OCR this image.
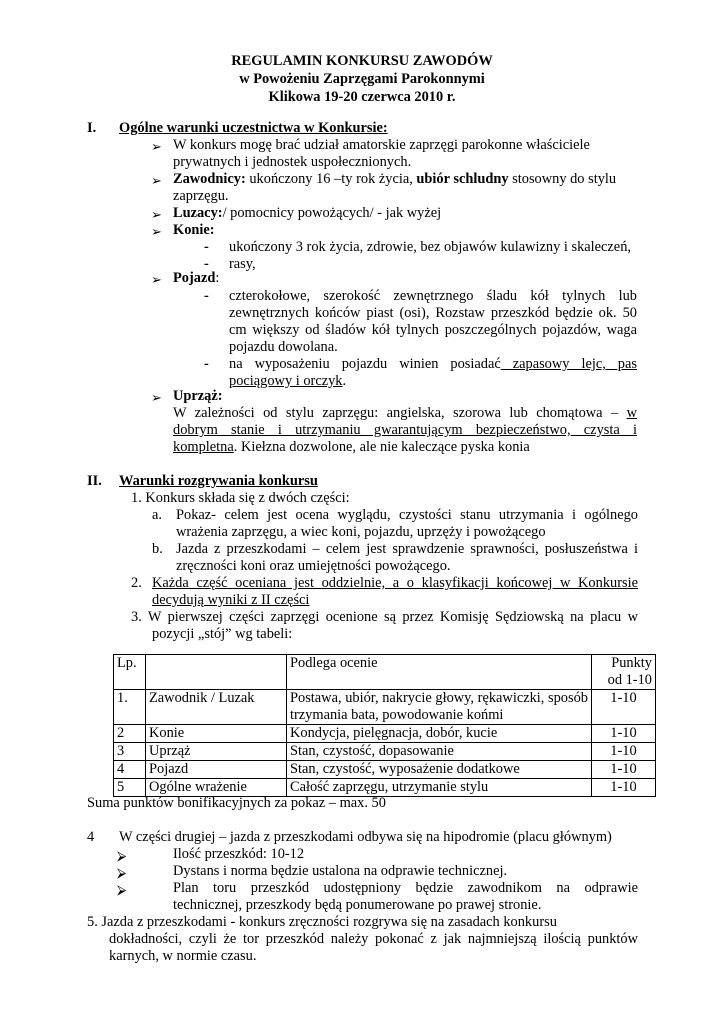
REGULAMIN KONKURSU ZAWODÓW
w Powożeniu Zaprzęgami Parokonnymi
Klikowa 19-20 czerwca 2010 r.
I. Ogólne warunki uczestnictwa w Konkursie:
➢ W konkurs mogę brać udział amatorskie zaprzęgi parokonne właściciele
prywatnych i jednostek uspołecznionych.
➢ Zawodnicy: ukończony 16 –ty rok życia, ubiór schludny stosowny do stylu
zaprzęgu.
➢ Luzacy:/ pomocnicy powożących/ - jak wyżej
➢ Konie:
- ukończony 3 rok życia, zdrowie, bez objawów kulawizny i skaleczeń,
- rasy,
➢ Pojazd:
- czterokołowe, szerokość zewnętrznego śladu kół tylnych lub
zewnętrznych końców piast (osi), Rozstaw przeszkód będzie ok. 50
cm większy od śladów kół tylnych poszczególnych pojazdów, waga
pojazdu dowolana.
- na wyposażeniu pojazdu winien posiadać zapasowy lejc, pas
pociągowy i orczyk.
➢ Uprząż:
W zależności od stylu zaprzęgu: angielska, szorowa lub chomątowa – w
dobrym stanie i utrzymaniu gwarantującym bezpieczeństwo, czysta i
kompletna. Kiełzna dozwolone, ale nie kaleczące pyska konia
II. Warunki rozgrywania konkursu
1. Konkurs składa się z dwóch części:
a. Pokaz- celem jest ocena wyglądu, czystości stanu utrzymania i ogólnego
wrażenia zaprzęgu, a wiec koni, pojazdu, uprzęży i powożącego
b. Jazda z przeszkodami – celem jest sprawdzenie sprawności, posłuszeństwa i
zręczności koni oraz umiejętności powożącego.
2. Każda część oceniana jest oddzielnie, a o klasyfikacji końcowej w Konkursie
decydują wyniki z II części
3. W pierwszej części zaprzęgi ocenione są przez Komisję Sędziowską na placu w
pozycji „stój” wg tabeli:
Lp.		Podlega ocenie	Punkty od 1-10
1.	Zawodnik / Luzak	Postawa, ubiór, nakrycie głowy, rękawiczki, sposób trzymania bata, powodowanie końmi	1-10
2	Konie	Kondycja, pielęgnacja, dobór, kucie	1-10
3	Uprząż	Stan, czystość, dopasowanie	1-10
4	Pojazd	Stan, czystość, wyposażenie dodatkowe	1-10
5	Ogólne wrażenie	Całość zaprzęgu, utrzymanie stylu	1-10
Suma punktów bonifikacyjnych za pokaz – max. 50
4 W części drugiej – jazda z przeszkodami odbywa się na hipodromie (placu głównym)
⮚	Ilość przeszkód: 10-12
⮚	Dystans i norma będzie ustalona na odprawie technicznej.
⮚	Plan toru przeszkód udostępniony będzie zawodnikom na odprawie
technicznej, przeszkody będą ponumerowane po prawej stronie.
5. Jazda z przeszkodami - konkurs zręczności rozgrywa się na zasadach konkursu
dokładności, czyli że tor przeszkód należy pokonać z jak najmniejszą ilością punktów
karnych, w normie czasu.
